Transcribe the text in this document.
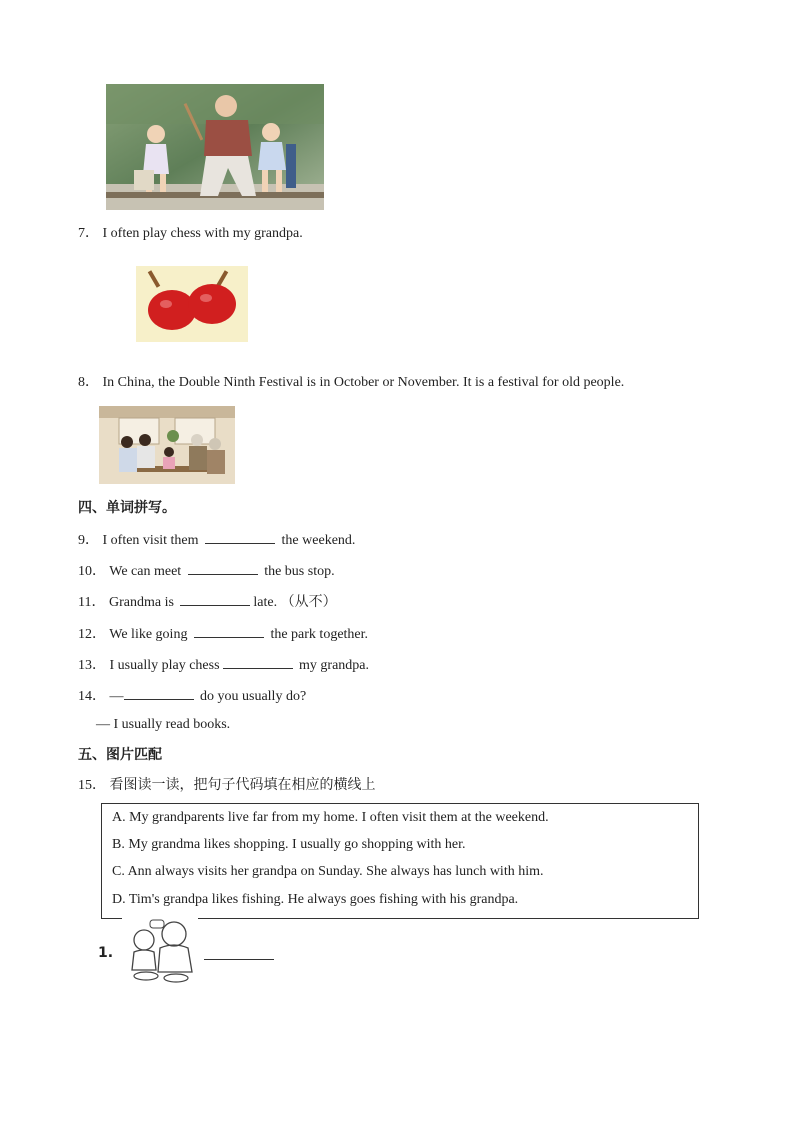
7． I often play chess with my grandpa.
8． In China, the Double Ninth Festival is in October or November. It is a festival for old people.
四、单词拼写。
9． I often visit them	the weekend.
10． We can meet	the bus stop.
11． Grandma is	late. （从不）
12． We like going	the park together.
13． I usually play chess	my grandpa.
14． —	do you usually do?
— I usually read books.
五、图片匹配
15． 看图读一读，把句子代码填在相应的横线上
A. My grandparents live far from my home. I often visit them at the weekend.
B. My grandma likes shopping. I usually go shopping with her.
C. Ann always visits her grandpa on Sunday. She always has lunch with him.
D. Tim's grandpa likes fishing. He always goes fishing with his grandpa.
1.
